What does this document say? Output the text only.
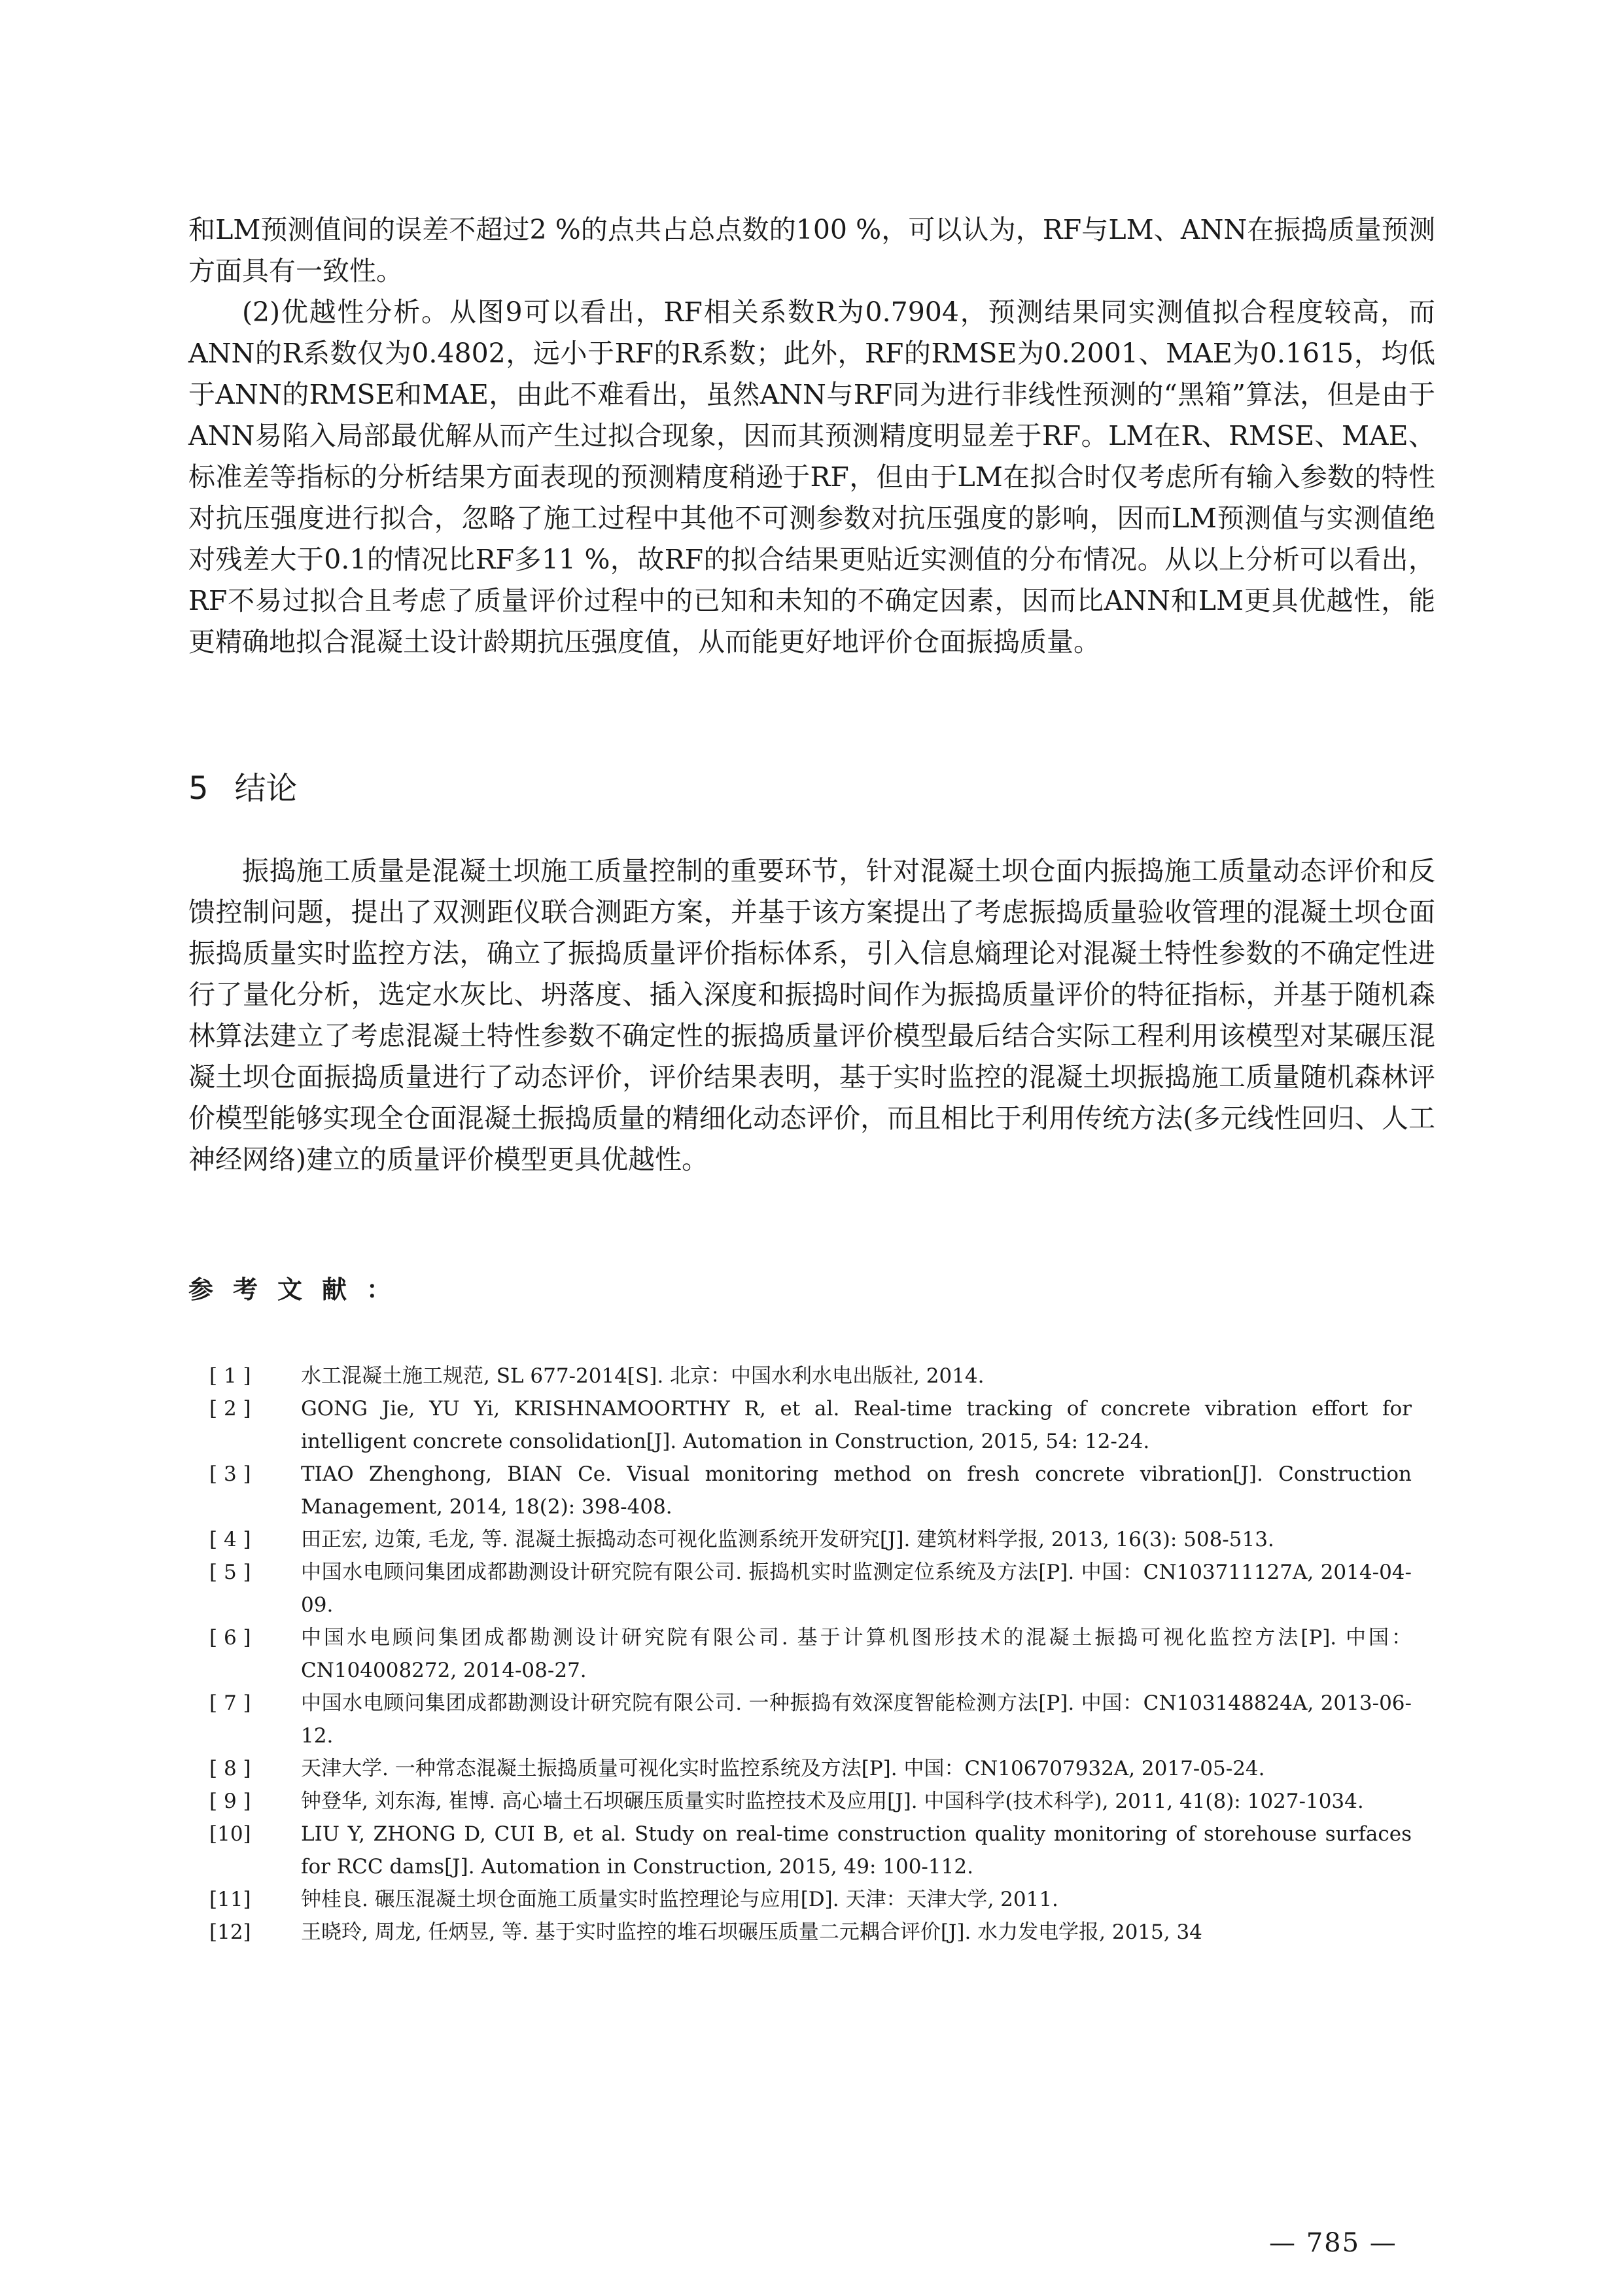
和LM预测值间的误差不超过2 %的点共占总点数的100 %，可以认为，RF与LM、ANN在振捣质量预测方面具有一致性。

(2)优越性分析。从图9可以看出，RF相关系数R为0.7904，预测结果同实测值拟合程度较高，而ANN的R系数仅为0.4802，远小于RF的R系数；此外，RF的RMSE为0.2001、MAE为0.1615，均低于ANN的RMSE和MAE，由此不难看出，虽然ANN与RF同为进行非线性预测的“黑箱”算法，但是由于ANN易陷入局部最优解从而产生过拟合现象，因而其预测精度明显差于RF。LM在R、RMSE、MAE、标准差等指标的分析结果方面表现的预测精度稍逊于RF，但由于LM在拟合时仅考虑所有输入参数的特性对抗压强度进行拟合，忽略了施工过程中其他不可测参数对抗压强度的影响，因而LM预测值与实测值绝对残差大于0.1的情况比RF多11 %，故RF的拟合结果更贴近实测值的分布情况。从以上分析可以看出，RF不易过拟合且考虑了质量评价过程中的已知和未知的不确定因素，因而比ANN和LM更具优越性，能更精确地拟合混凝土设计龄期抗压强度值，从而能更好地评价仓面振捣质量。

5 结论

振捣施工质量是混凝土坝施工质量控制的重要环节，针对混凝土坝仓面内振捣施工质量动态评价和反馈控制问题，提出了双测距仪联合测距方案，并基于该方案提出了考虑振捣质量验收管理的混凝土坝仓面振捣质量实时监控方法，确立了振捣质量评价指标体系，引入信息熵理论对混凝土特性参数的不确定性进行了量化分析，选定水灰比、坍落度、插入深度和振捣时间作为振捣质量评价的特征指标，并基于随机森林算法建立了考虑混凝土特性参数不确定性的振捣质量评价模型最后结合实际工程利用该模型对某碾压混凝土坝仓面振捣质量进行了动态评价，评价结果表明，基于实时监控的混凝土坝振捣施工质量随机森林评价模型能够实现全仓面混凝土振捣质量的精细化动态评价，而且相比于利用传统方法(多元线性回归、人工神经网络)建立的质量评价模型更具优越性。

参考文献：
[ 1 ]	水工混凝土施工规范, SL 677-2014[S]. 北京：中国水利水电出版社, 2014.
[ 2 ]	GONG Jie, YU Yi, KRISHNAMOORTHY R, et al. Real-time tracking of concrete vibration effort for intelligent concrete consolidation[J]. Automation in Construction, 2015, 54: 12-24.
[ 3 ]	TIAO Zhenghong, BIAN Ce. Visual monitoring method on fresh concrete vibration[J]. Construction Management, 2014, 18(2): 398-408.
[ 4 ]	田正宏, 边策, 毛龙, 等. 混凝土振捣动态可视化监测系统开发研究[J]. 建筑材料学报, 2013, 16(3): 508-513.
[ 5 ]	中国水电顾问集团成都勘测设计研究院有限公司. 振捣机实时监测定位系统及方法[P]. 中国：CN103711127A, 2014-04-09.
[ 6 ]	中国水电顾问集团成都勘测设计研究院有限公司. 基于计算机图形技术的混凝土振捣可视化监控方法[P]. 中国：CN104008272, 2014-08-27.
[ 7 ]	中国水电顾问集团成都勘测设计研究院有限公司. 一种振捣有效深度智能检测方法[P]. 中国：CN103148824A, 2013-06-12.
[ 8 ]	天津大学. 一种常态混凝土振捣质量可视化实时监控系统及方法[P]. 中国：CN106707932A, 2017-05-24.
[ 9 ]	钟登华, 刘东海, 崔博. 高心墙土石坝碾压质量实时监控技术及应用[J]. 中国科学(技术科学), 2011, 41(8): 1027-1034.
[10]	LIU Y, ZHONG D, CUI B, et al. Study on real-time construction quality monitoring of storehouse surfaces for RCC dams[J]. Automation in Construction, 2015, 49: 100-112.
[11]	钟桂良. 碾压混凝土坝仓面施工质量实时监控理论与应用[D]. 天津：天津大学, 2011.
[12]	王晓玲, 周龙, 任炳昱, 等. 基于实时监控的堆石坝碾压质量二元耦合评价[J]. 水力发电学报, 2015, 34
— 785 —
